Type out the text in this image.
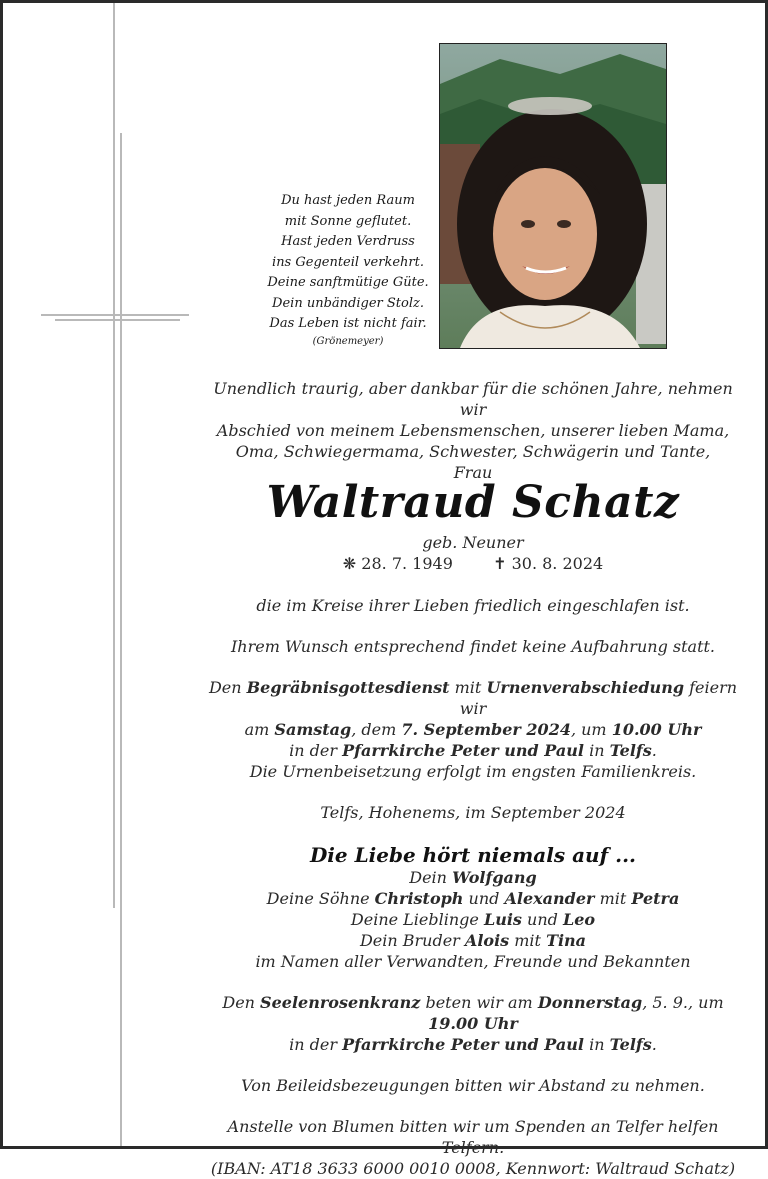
Du hast jeden Raum
mit Sonne geflutet.
Hast jeden Verdruss
ins Gegenteil verkehrt.
Deine sanftmütige Güte.
Dein unbändiger Stolz.
Das Leben ist nicht fair.
(Grönemeyer)
Unendlich traurig, aber dankbar für die schönen Jahre, nehmen wir
Abschied von meinem Lebensmenschen, unserer lieben Mama,
Oma, Schwiegermama, Schwester, Schwägerin und Tante,
Frau
Waltraud Schatz
geb. Neuner
❋ 28. 7. 1949	✝ 30. 8. 2024

die im Kreise ihrer Lieben friedlich eingeschlafen ist.

Ihrem Wunsch entsprechend findet keine Aufbahrung statt.

Den Begräbnisgottesdienst mit Urnenverabschiedung feiern wir
am Samstag, dem 7. September 2024, um 10.00 Uhr
in der Pfarrkirche Peter und Paul in Telfs.
Die Urnenbeisetzung erfolgt im engsten Familienkreis.

Telfs, Hohenems, im September 2024

Die Liebe hört niemals auf ...
Dein Wolfgang
Deine Söhne Christoph und Alexander mit Petra
Deine Lieblinge Luis und Leo
Dein Bruder Alois mit Tina
im Namen aller Verwandten, Freunde und Bekannten

Den Seelenrosenkranz beten wir am Donnerstag, 5. 9., um 19.00 Uhr
in der Pfarrkirche Peter und Paul in Telfs.

Von Beileidsbezeugungen bitten wir Abstand zu nehmen.

Anstelle von Blumen bitten wir um Spenden an Telfer helfen Telfern.
(IBAN: AT18 3633 6000 0010 0008, Kennwort: Waltraud Schatz)
